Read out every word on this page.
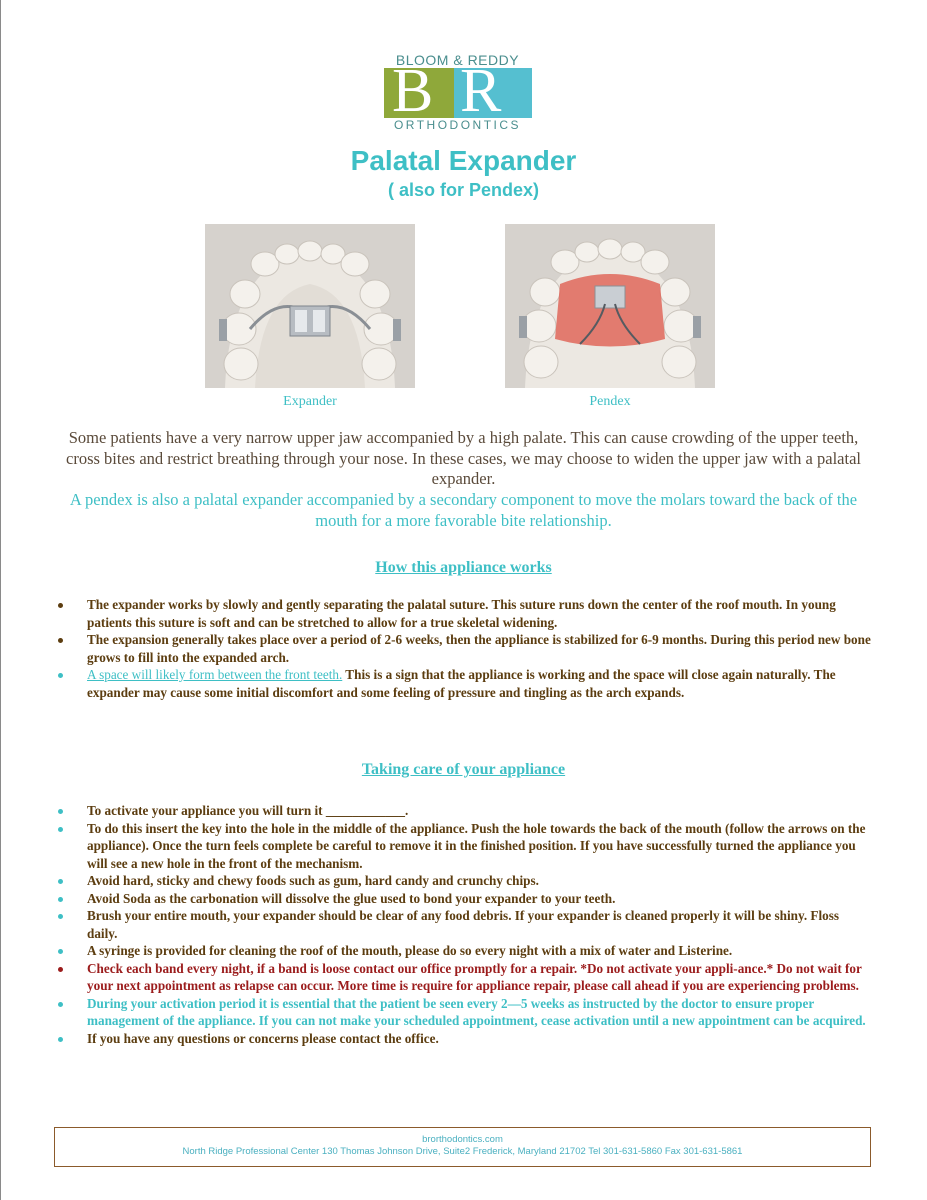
BLOOM & REDDY
B R
ORTHODONTICS
Palatal Expander
( also for Pendex)
Expander	Pendex
Some patients have a very narrow upper jaw accompanied by a high palate. This can cause crowding of the upper teeth, cross bites and restrict breathing through your nose. In these cases, we may choose to widen the upper jaw with a palatal expander.
A pendex is also a palatal expander accompanied by a secondary component to move the molars toward the back of the mouth for a more favorable bite relationship.
How this appliance works
The expander works by slowly and gently separating the palatal suture. This suture runs down the center of the roof mouth. In young patients this suture is soft and can be stretched to allow for a true skeletal widening.
The expansion generally takes place over a period of 2-6 weeks, then the appliance is stabilized for 6-9 months. During this period new bone grows to fill into the expanded arch.
A space will likely form between the front teeth. This is a sign that the appliance is working and the space will close again naturally. The expander may cause some initial discomfort and some feeling of pressure and tingling as the arch expands.
Taking care of your appliance
To activate your appliance you will turn it ____________.
To do this insert the key into the hole in the middle of the appliance. Push the hole towards the back of the mouth (follow the arrows on the appliance). Once the turn feels complete be careful to remove it in the finished position. If you have successfully turned the appliance you will see a new hole in the front of the mechanism.
Avoid hard, sticky and chewy foods such as gum, hard candy and crunchy chips.
Avoid Soda as the carbonation will dissolve the glue used to bond your expander to your teeth.
Brush your entire mouth, your expander should be clear of any food debris. If your expander is cleaned properly it will be shiny. Floss daily.
A syringe is provided for cleaning the roof of the mouth, please do so every night with a mix of water and Listerine.
Check each band every night, if a band is loose contact our office promptly for a repair. *Do not activate your appli-ance.* Do not wait for your next appointment as relapse can occur. More time is require for appliance repair, please call ahead if you are experiencing problems.
During your activation period it is essential that the patient be seen every 2—5 weeks as instructed by the doctor to ensure proper management of the appliance. If you can not make your scheduled appointment, cease activation until a new appointment can be acquired.
If you have any questions or concerns please contact the office.
brorthodontics.com
North Ridge Professional Center 130 Thomas Johnson Drive, Suite2 Frederick, Maryland 21702 Tel 301-631-5860 Fax 301-631-5861
